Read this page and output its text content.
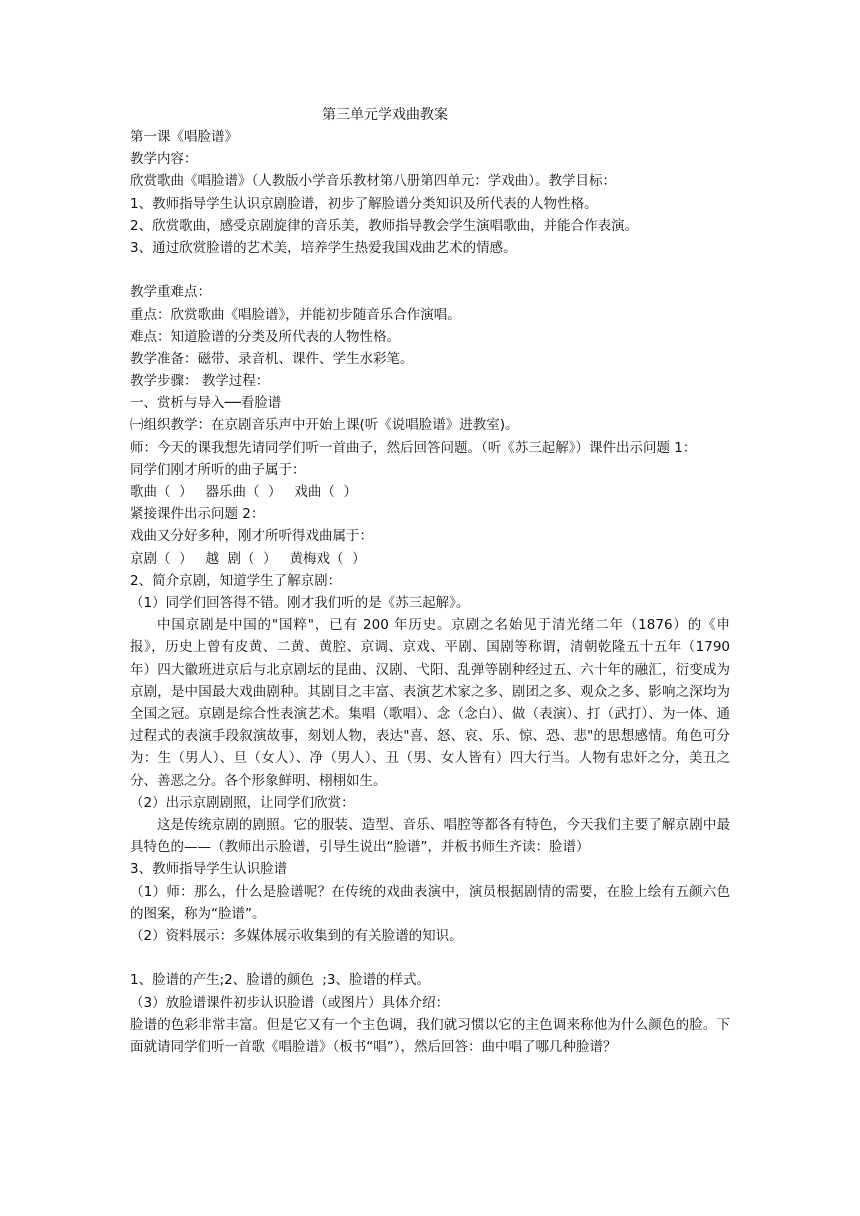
第三单元学戏曲教案

第一课《唱脸谱》

教学内容：

欣赏歌曲《唱脸谱》（人教版小学音乐教材第八册第四单元：学戏曲）。教学目标：

1、教师指导学生认识京剧脸谱，初步了解脸谱分类知识及所代表的人物性格。

2、欣赏歌曲，感受京剧旋律的音乐美，教师指导教会学生演唱歌曲，并能合作表演。

3、通过欣赏脸谱的艺术美，培养学生热爱我国戏曲艺术的情感。

教学重难点：

重点：欣赏歌曲《唱脸谱》，并能初步随音乐合作演唱。

难点：知道脸谱的分类及所代表的人物性格。

教学准备：磁带、录音机、课件、学生水彩笔。

教学步骤： 教学过程：

一、赏析与导入──看脸谱

㈠组织教学：在京剧音乐声中开始上课(听《说唱脸谱》进教室)。

师：今天的课我想先请同学们听一首曲子，然后回答问题。（听《苏三起解》）课件出示问题 1：

同学们刚才所听的曲子属于：

歌曲（  ）   器乐曲（  ）   戏曲（  ）

紧接课件出示问题 2：

戏曲又分好多种，刚才所听得戏曲属于：

京剧（  ）   越  剧（  ）   黄梅戏（  ）

2、简介京剧，知道学生了解京剧：

（1）同学们回答得不错。刚才我们听的是《苏三起解》。

中国京剧是中国的"国粹"，已有 200 年历史。京剧之名始见于清光绪二年（1876）的《申报》，历史上曾有皮黄、二黄、黄腔、京调、京戏、平剧、国剧等称谓，清朝乾隆五十五年（1790 年）四大徽班进京后与北京剧坛的昆曲、汉剧、弋阳、乱弹等剧种经过五、六十年的融汇，衍变成为京剧，是中国最大戏曲剧种。其剧目之丰富、表演艺术家之多、剧团之多、观众之多、影响之深均为全国之冠。京剧是综合性表演艺术。集唱（歌唱）、念（念白）、做（表演）、打（武打）、为一体、通过程式的表演手段叙演故事，刻划人物，表达"喜、怒、哀、乐、惊、恐、悲"的思想感情。角色可分为：生（男人）、旦（女人）、净（男人）、丑（男、女人皆有）四大行当。人物有忠奸之分，美丑之分、善恶之分。各个形象鲜明、栩栩如生。

（2）出示京剧剧照，让同学们欣赏：

这是传统京剧的剧照。它的服装、造型、音乐、唱腔等都各有特色，今天我们主要了解京剧中最具特色的——（教师出示脸谱，引导生说出“脸谱”，并板书师生齐读：脸谱）

3、教师指导学生认识脸谱

（1）师：那么，什么是脸谱呢？在传统的戏曲表演中，演员根据剧情的需要，在脸上绘有五颜六色的图案，称为“脸谱”。

（2）资料展示：多媒体展示收集到的有关脸谱的知识。

1、脸谱的产生;2、脸谱的颜色  ;3、脸谱的样式。

（3）放脸谱课件初步认识脸谱（或图片）具体介绍：

脸谱的色彩非常丰富。但是它又有一个主色调，我们就习惯以它的主色调来称他为什么颜色的脸。下面就请同学们听一首歌《唱脸谱》（板书“唱”），然后回答：曲中唱了哪几种脸谱？
